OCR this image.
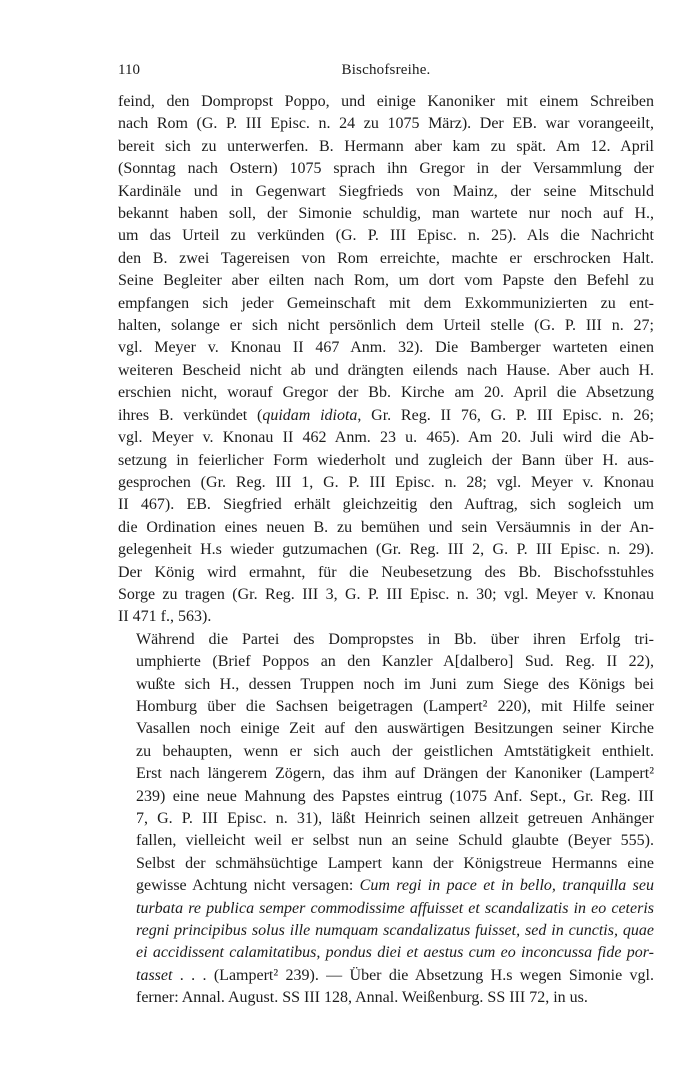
110	Bischofsreihe.
feind, den Dompropst Poppo, und einige Kanoniker mit einem Schreiben
nach Rom (G. P. III Episc. n. 24 zu 1075 März). Der EB. war vorangeeilt,
bereit sich zu unterwerfen. B. Hermann aber kam zu spät. Am 12. April
(Sonntag nach Ostern) 1075 sprach ihn Gregor in der Versammlung der
Kardinäle und in Gegenwart Siegfrieds von Mainz, der seine Mitschuld
bekannt haben soll, der Simonie schuldig, man wartete nur noch auf H.,
um das Urteil zu verkünden (G. P. III Episc. n. 25). Als die Nachricht
den B. zwei Tagereisen von Rom erreichte, machte er erschrocken Halt.
Seine Begleiter aber eilten nach Rom, um dort vom Papste den Befehl zu
empfangen sich jeder Gemeinschaft mit dem Exkommunizierten zu ent-
halten, solange er sich nicht persönlich dem Urteil stelle (G. P. III n. 27;
vgl. Meyer v. Knonau II 467 Anm. 32). Die Bamberger warteten einen
weiteren Bescheid nicht ab und drängten eilends nach Hause. Aber auch H.
erschien nicht, worauf Gregor der Bb. Kirche am 20. April die Absetzung
ihres B. verkündet (quidam idiota, Gr. Reg. II 76, G. P. III Episc. n. 26;
vgl. Meyer v. Knonau II 462 Anm. 23 u. 465). Am 20. Juli wird die Ab-
setzung in feierlicher Form wiederholt und zugleich der Bann über H. aus-
gesprochen (Gr. Reg. III 1, G. P. III Episc. n. 28; vgl. Meyer v. Knonau
II 467). EB. Siegfried erhält gleichzeitig den Auftrag, sich sogleich um
die Ordination eines neuen B. zu bemühen und sein Versäumnis in der An-
gelegenheit H.s wieder gutzumachen (Gr. Reg. III 2, G. P. III Episc. n. 29).
Der König wird ermahnt, für die Neubesetzung des Bb. Bischofsstuhles
Sorge zu tragen (Gr. Reg. III 3, G. P. III Episc. n. 30; vgl. Meyer v. Knonau
II 471 f., 563).
Während die Partei des Dompropstes in Bb. über ihren Erfolg tri-
umphierte (Brief Poppos an den Kanzler A[dalbero] Sud. Reg. II 22),
wußte sich H., dessen Truppen noch im Juni zum Siege des Königs bei
Homburg über die Sachsen beigetragen (Lampert² 220), mit Hilfe seiner
Vasallen noch einige Zeit auf den auswärtigen Besitzungen seiner Kirche
zu behaupten, wenn er sich auch der geistlichen Amtstätigkeit enthielt.
Erst nach längerem Zögern, das ihm auf Drängen der Kanoniker (Lampert²
239) eine neue Mahnung des Papstes eintrug (1075 Anf. Sept., Gr. Reg. III
7, G. P. III Episc. n. 31), läßt Heinrich seinen allzeit getreuen Anhänger
fallen, vielleicht weil er selbst nun an seine Schuld glaubte (Beyer 555).
Selbst der schmähsüchtige Lampert kann der Königstreue Hermanns eine
gewisse Achtung nicht versagen: Cum regi in pace et in bello, tranquilla seu
turbata re publica semper commodissime affuisset et scandalizatis in eo ceteris
regni principibus solus ille numquam scandalizatus fuisset, sed in cunctis, quae
ei accidissent calamitatibus, pondus diei et aestus cum eo inconcussa fide por-
tasset . . . (Lampert² 239). — Über die Absetzung H.s wegen Simonie vgl.
ferner: Annal. August. SS III 128, Annal. Weißenburg. SS III 72, in us.
